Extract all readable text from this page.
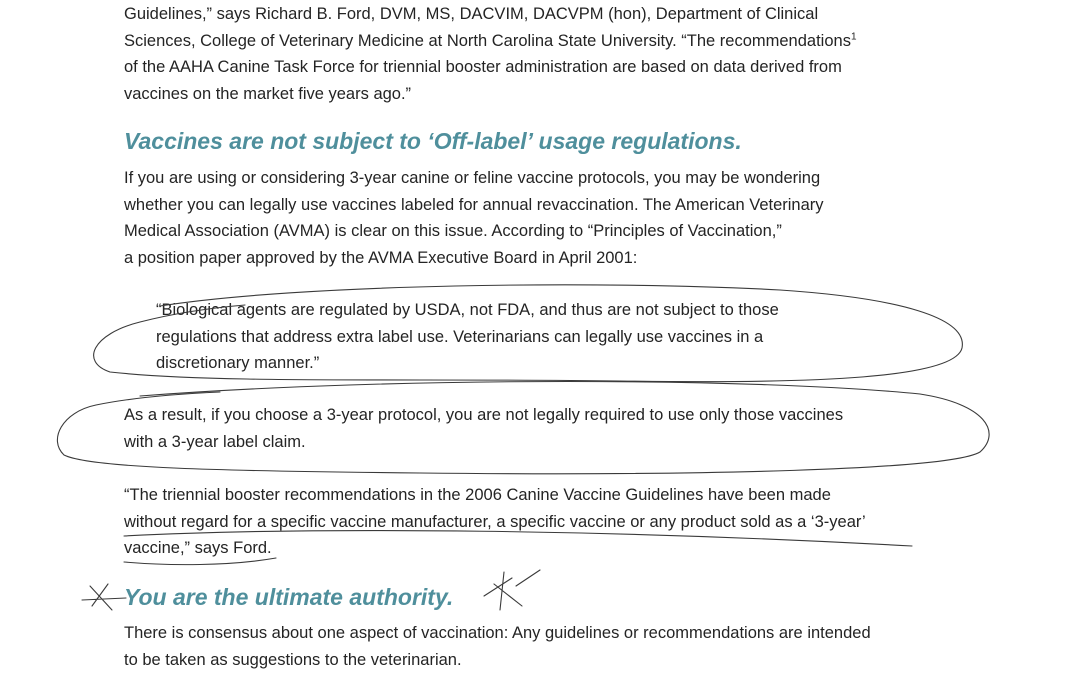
Guidelines,” says Richard B. Ford, DVM, MS, DACVIM, DACVPM (hon), Department of Clinical
Sciences, College of Veterinary Medicine at North Carolina State University. “The recommendations$^1$
of the AAHA Canine Task Force for triennial booster administration are based on data derived from
vaccines on the market five years ago.”

Vaccines are not subject to ‘Off-label’ usage regulations.

If you are using or considering 3-year canine or feline vaccine protocols, you may be wondering
whether you can legally use vaccines labeled for annual revaccination. The American Veterinary
Medical Association (AVMA) is clear on this issue. According to “Principles of Vaccination,”
a position paper approved by the AVMA Executive Board in April 2001:

“Biological agents are regulated by USDA, not FDA, and thus are not subject to those
regulations that address extra label use. Veterinarians can legally use vaccines in a
discretionary manner.”

As a result, if you choose a 3-year protocol, you are not legally required to use only those vaccines
with a 3-year label claim.

“The triennial booster recommendations in the 2006 Canine Vaccine Guidelines have been made
without regard for a specific vaccine manufacturer, a specific vaccine or any product sold as a ‘3-year’
vaccine,” says Ford.

You are the ultimate authority.

There is consensus about one aspect of vaccination: Any guidelines or recommendations are intended
to be taken as suggestions to the veterinarian.
